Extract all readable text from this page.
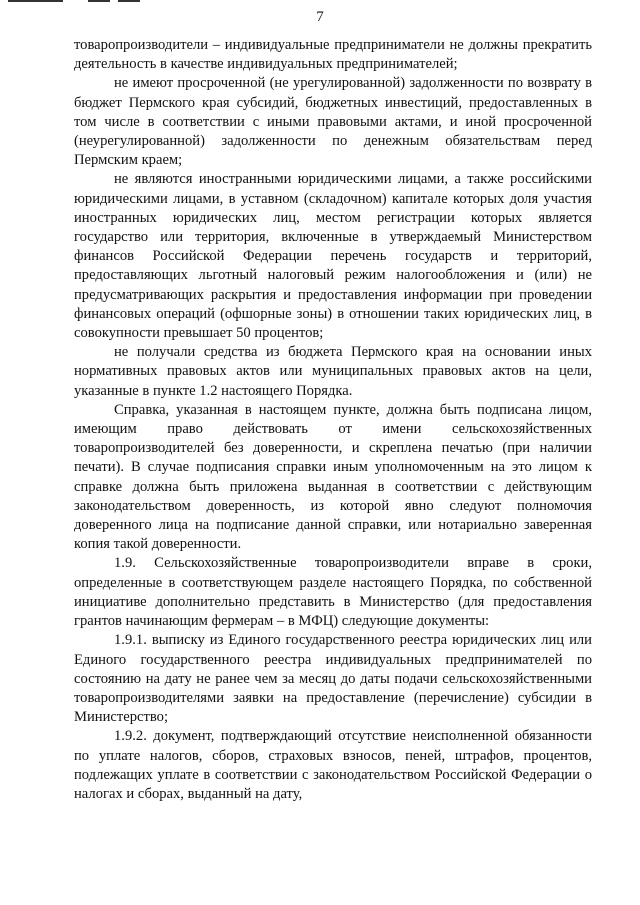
7

товаропроизводители – индивидуальные предприниматели не должны прекратить деятельность в качестве индивидуальных предпринимателей;

не имеют просроченной (не урегулированной) задолженности по возврату в бюджет Пермского края субсидий, бюджетных инвестиций, предоставленных в том числе в соответствии с иными правовыми актами, и иной просроченной (неурегулированной) задолженности по денежным обязательствам перед Пермским краем;

не являются иностранными юридическими лицами, а также российскими юридическими лицами, в уставном (складочном) капитале которых доля участия иностранных юридических лиц, местом регистрации которых является государство или территория, включенные в утверждаемый Министерством финансов Российской Федерации перечень государств и территорий, предоставляющих льготный налоговый режим налогообложения и (или) не предусматривающих раскрытия и предоставления информации при проведении финансовых операций (офшорные зоны) в отношении таких юридических лиц, в совокупности превышает 50 процентов;

не получали средства из бюджета Пермского края на основании иных нормативных правовых актов или муниципальных правовых актов на цели, указанные в пункте 1.2 настоящего Порядка.

Справка, указанная в настоящем пункте, должна быть подписана лицом, имеющим право действовать от имени сельскохозяйственных товаропроизводителей без доверенности, и скреплена печатью (при наличии печати). В случае подписания справки иным уполномоченным на это лицом к справке должна быть приложена выданная в соответствии с действующим законодательством доверенность, из которой явно следуют полномочия доверенного лица на подписание данной справки, или нотариально заверенная копия такой доверенности.

1.9. Сельскохозяйственные товаропроизводители вправе в сроки, определенные в соответствующем разделе настоящего Порядка, по собственной инициативе дополнительно представить в Министерство (для предоставления грантов начинающим фермерам – в МФЦ) следующие документы:

1.9.1. выписку из Единого государственного реестра юридических лиц или Единого государственного реестра индивидуальных предпринимателей по состоянию на дату не ранее чем за месяц до даты подачи сельскохозяйственными товаропроизводителями заявки на предоставление (перечисление) субсидии в Министерство;

1.9.2. документ, подтверждающий отсутствие неисполненной обязанности по уплате налогов, сборов, страховых взносов, пеней, штрафов, процентов, подлежащих уплате в соответствии с законодательством Российской Федерации о налогах и сборах, выданный на дату,
